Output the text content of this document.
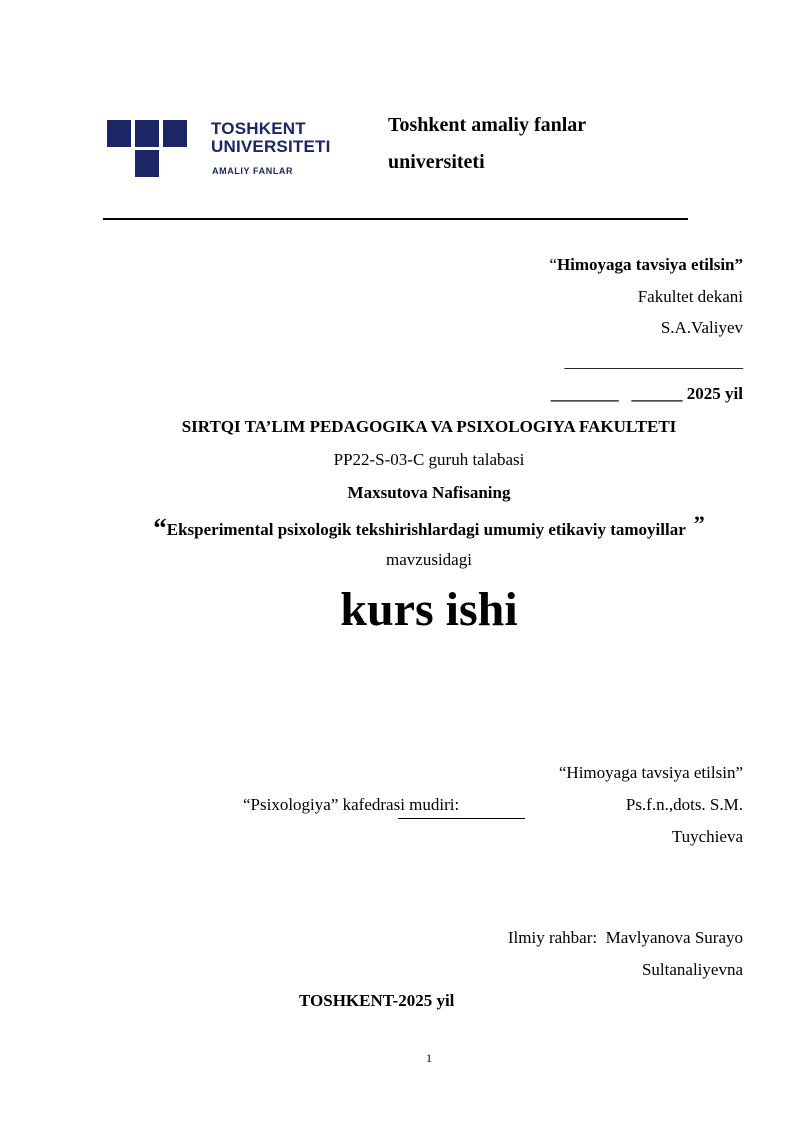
TOSHKENT
UNIVERSITETI
AMALIY FANLAR
Toshkent amaliy fanlar
universiteti
“Himoyaga tavsiya etilsin”
Fakultet dekani
S.A.Valiyev
_____________________
________ ______ 2025 yil
SIRTQI TA’LIM PEDAGOGIKA VA PSIXOLOGIYA FAKULTETI
PP22-S-03-C guruh talabasi
Maxsutova Nafisaning
“Eksperimental psixologik tekshirishlardagi umumiy etikaviy tamoyillar ”
mavzusidagi
kurs ishi
“Himoyaga tavsiya etilsin”
“Psixologiya” kafedrasi mudiri:	Ps.f.n.,dots. S.M.
Tuychieva
Ilmiy rahbar: Mavlyanova Surayo
Sultanaliyevna
TOSHKENT-2025 yil
1
